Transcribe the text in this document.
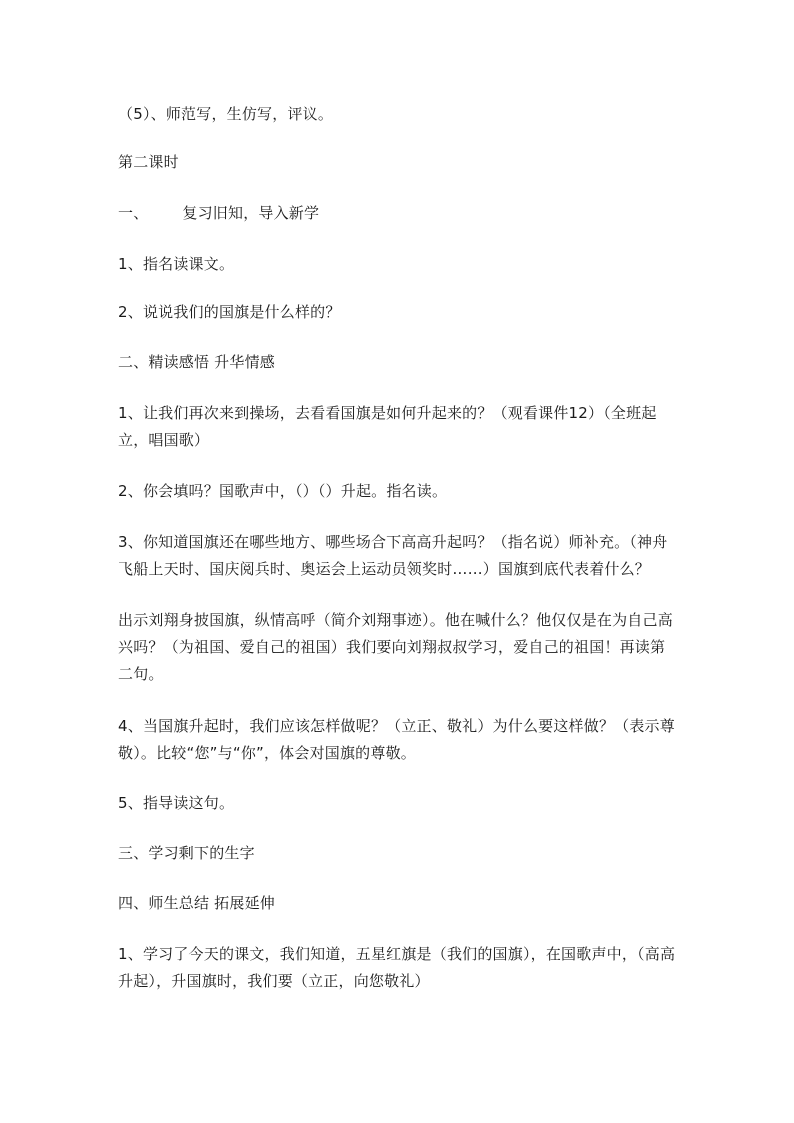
（5）、师范写，生仿写，评议。

第二课时

一、 复习旧知，导入新学

1、指名读课文。

2、说说我们的国旗是什么样的？

二、精读感悟 升华情感

1、让我们再次来到操场，去看看国旗是如何升起来的？（观看课件12）（全班起立，唱国歌）

2、你会填吗？国歌声中，（）（）升起。指名读。

3、你知道国旗还在哪些地方、哪些场合下高高升起吗？（指名说）师补充。（神舟飞船上天时、国庆阅兵时、奥运会上运动员领奖时……）国旗到底代表着什么？

出示刘翔身披国旗，纵情高呼（简介刘翔事迹）。他在喊什么？他仅仅是在为自己高兴吗？（为祖国、爱自己的祖国）我们要向刘翔叔叔学习，爱自己的祖国！再读第二句。

4、当国旗升起时，我们应该怎样做呢？（立正、敬礼）为什么要这样做？（表示尊敬）。比较“您”与“你”，体会对国旗的尊敬。

5、指导读这句。

三、学习剩下的生字

四、师生总结 拓展延伸

1、学习了今天的课文，我们知道，五星红旗是（我们的国旗），在国歌声中，（高高升起），升国旗时，我们要（立正，向您敬礼）
